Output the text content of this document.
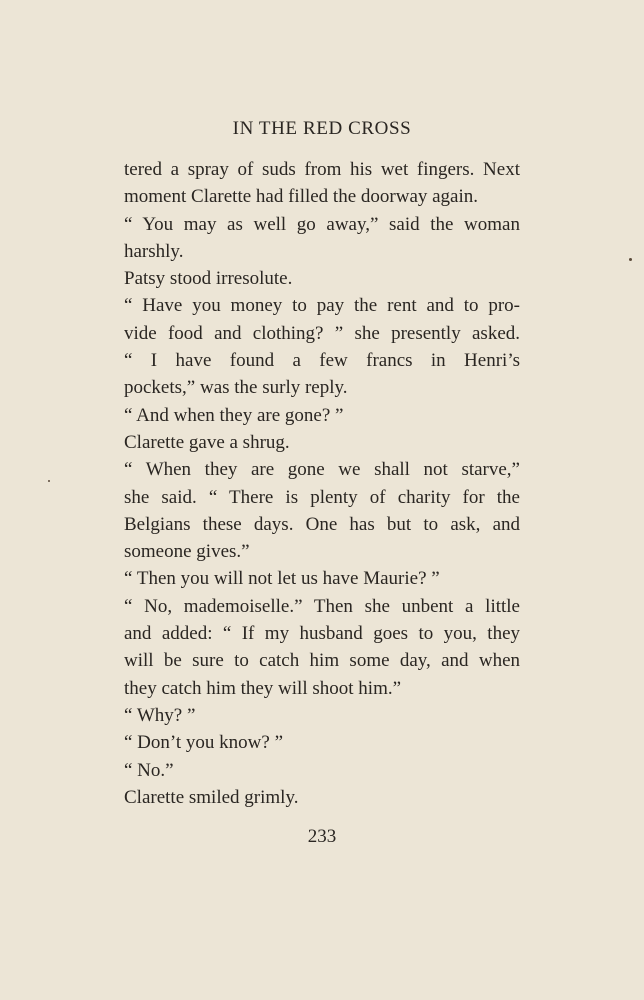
IN THE RED CROSS
tered a spray of suds from his wet fingers. Next
moment Clarette had filled the doorway again.
“ You may as well go away,” said the woman
harshly.
Patsy stood irresolute.
“ Have you money to pay the rent and to pro-
vide food and clothing? ” she presently asked.
“ I have found a few francs in Henri’s
pockets,” was the surly reply.
“ And when they are gone? ”
Clarette gave a shrug.
“ When they are gone we shall not starve,”
she said. “ There is plenty of charity for the
Belgians these days. One has but to ask, and
someone gives.”
“ Then you will not let us have Maurie? ”
“ No, mademoiselle.” Then she unbent a little
and added: “ If my husband goes to you, they
will be sure to catch him some day, and when
they catch him they will shoot him.”
“ Why? ”
“ Don’t you know? ”
“ No.”
Clarette smiled grimly.
233
